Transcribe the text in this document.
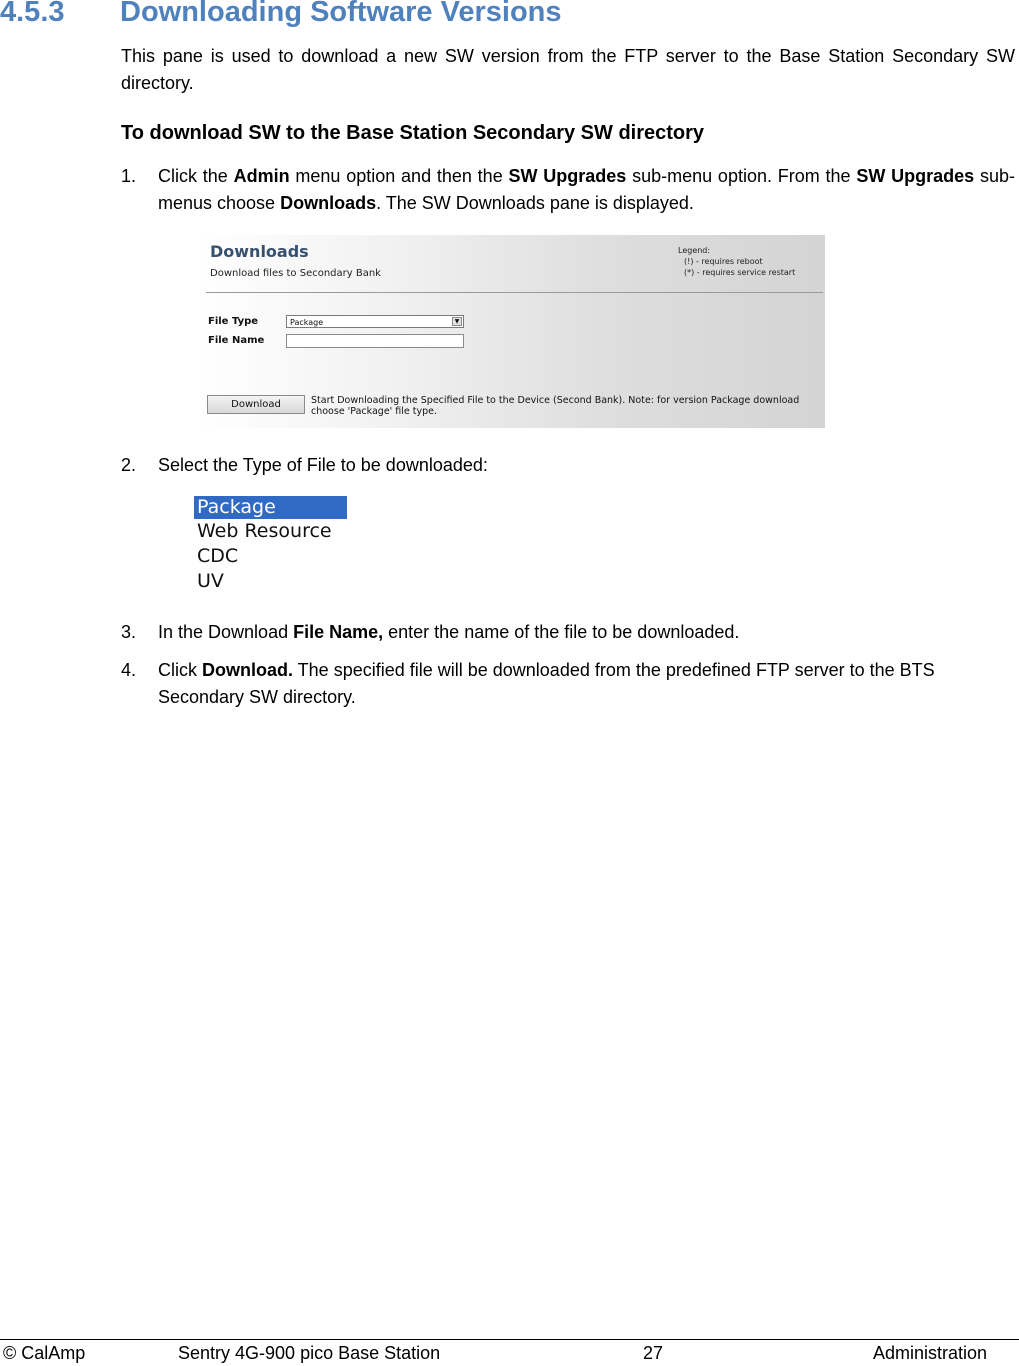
4.5.3 Downloading Software Versions
This pane is used to download a new SW version from the FTP server to the Base Station Secondary SW directory.
To download SW to the Base Station Secondary SW directory
1. Click the Admin menu option and then the SW Upgrades sub-menu option. From the SW Upgrades sub-menus choose Downloads. The SW Downloads pane is displayed.
Downloads
Download files to Secondary Bank
Legend:
(!) - requires reboot
(*) - requires service restart
File Type	Package	▼
File Name
Download	Start Downloading the Specified File to the Device (Second Bank). Note: for version Package download choose 'Package' file type.
2. Select the Type of File to be downloaded:
Package
Web Resource
CDC
UV
3. In the Download File Name, enter the name of the file to be downloaded.
4. Click Download. The specified file will be downloaded from the predefined FTP server to the BTS Secondary SW directory.
© CalAmp	Sentry 4G-900 pico Base Station	27	Administration
